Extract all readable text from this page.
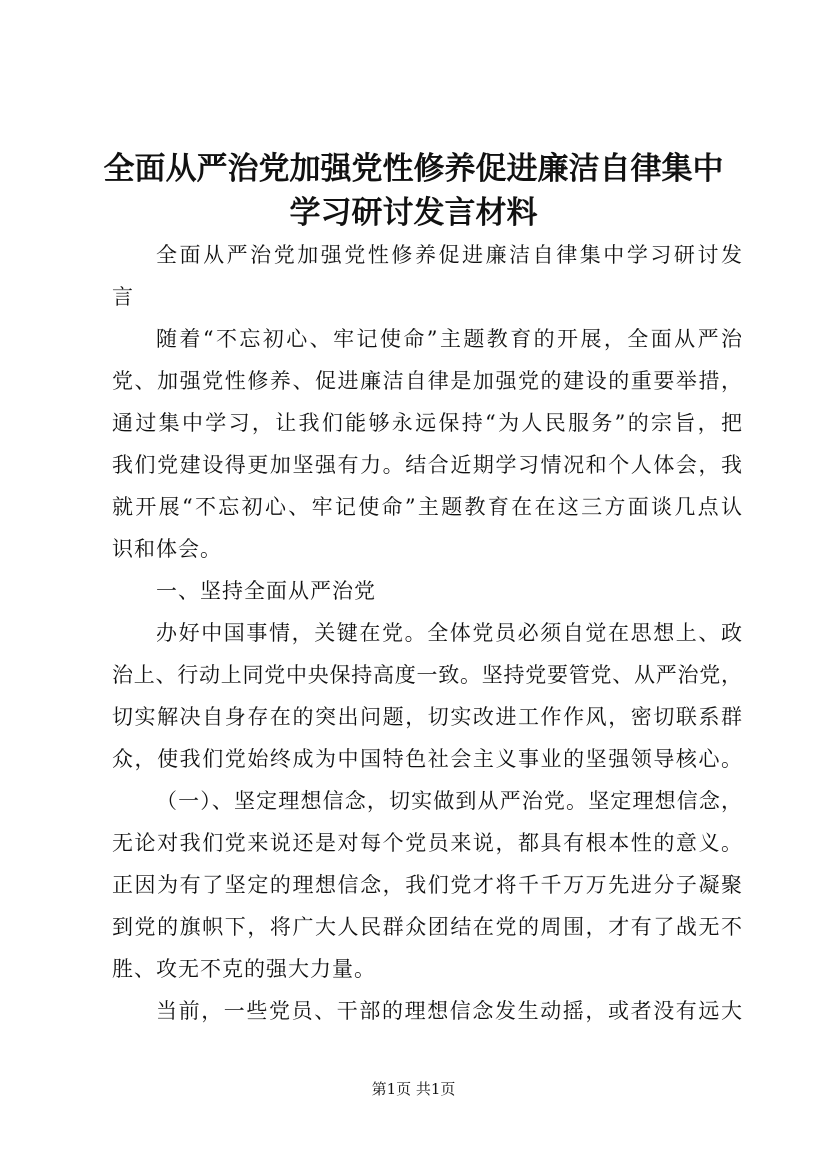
全面从严治党加强党性修养促进廉洁自律集中
学习研讨发言材料
全面从严治党加强党性修养促进廉洁自律集中学习研讨发
言
随着“不忘初心、牢记使命”主题教育的开展，全面从严治
党、加强党性修养、促进廉洁自律是加强党的建设的重要举措，
通过集中学习，让我们能够永远保持“为人民服务”的宗旨，把
我们党建设得更加坚强有力。结合近期学习情况和个人体会，我
就开展“不忘初心、牢记使命”主题教育在在这三方面谈几点认
识和体会。
一、坚持全面从严治党
办好中国事情，关键在党。全体党员必须自觉在思想上、政
治上、行动上同党中央保持高度一致。坚持党要管党、从严治党，
切实解决自身存在的突出问题，切实改进工作作风，密切联系群
众，使我们党始终成为中国特色社会主义事业的坚强领导核心。
（一）、坚定理想信念，切实做到从严治党。坚定理想信念，
无论对我们党来说还是对每个党员来说，都具有根本性的意义。
正因为有了坚定的理想信念，我们党才将千千万万先进分子凝聚
到党的旗帜下，将广大人民群众团结在党的周围，才有了战无不
胜、攻无不克的强大力量。
当前，一些党员、干部的理想信念发生动摇，或者没有远大
第1页 共1页
